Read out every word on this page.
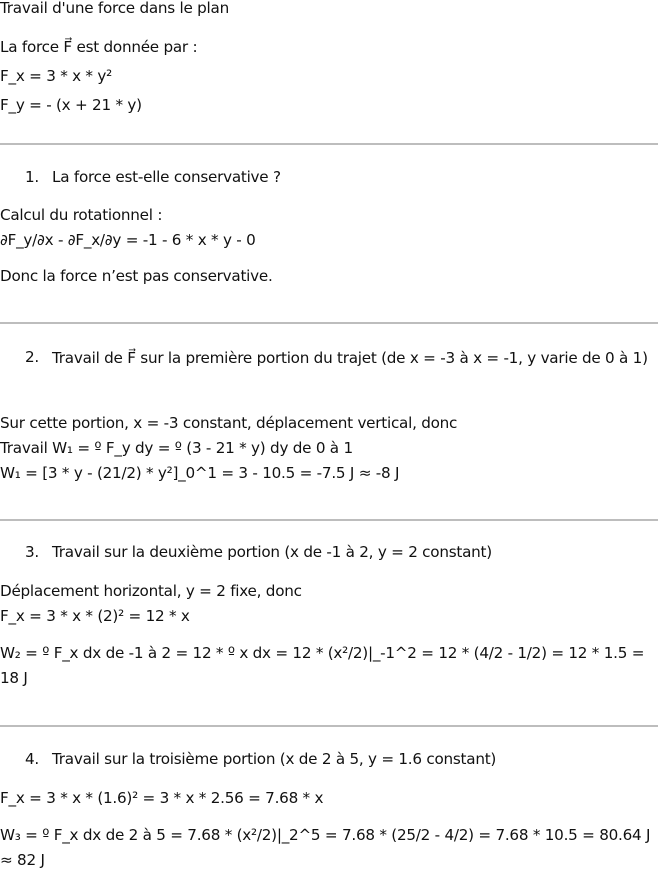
Travail d'une force dans le plan
La force F⃗ est donnée par :
F_x = 3 * x * y²
F_y = - (x + 21 * y)
1. La force est-elle conservative ?
Calcul du rotationnel :
∂F_y/∂x - ∂F_x/∂y = -1 - 6 * x * y - 0
Donc la force n’est pas conservative.
2. Travail de F⃗ sur la première portion du trajet (de x = -3 à x = -1, y varie de 0 à 1)
Sur cette portion, x = -3 constant, déplacement vertical, donc
Travail W₁ = º F_y dy = º (3 - 21 * y) dy de 0 à 1
W₁ = [3 * y - (21/2) * y²]_0^1 = 3 - 10.5 = -7.5 J ≈ -8 J
3. Travail sur la deuxième portion (x de -1 à 2, y = 2 constant)
Déplacement horizontal, y = 2 fixe, donc
F_x = 3 * x * (2)² = 12 * x
W₂ = º F_x dx de -1 à 2 = 12 * º x dx = 12 * (x²/2)|_-1^2 = 12 * (4/2 - 1/2) = 12 * 1.5 = 18 J
4. Travail sur la troisième portion (x de 2 à 5, y = 1.6 constant)
F_x = 3 * x * (1.6)² = 3 * x * 2.56 = 7.68 * x
W₃ = º F_x dx de 2 à 5 = 7.68 * (x²/2)|_2^5 = 7.68 * (25/2 - 4/2) = 7.68 * 10.5 = 80.64 J ≈ 82 J
